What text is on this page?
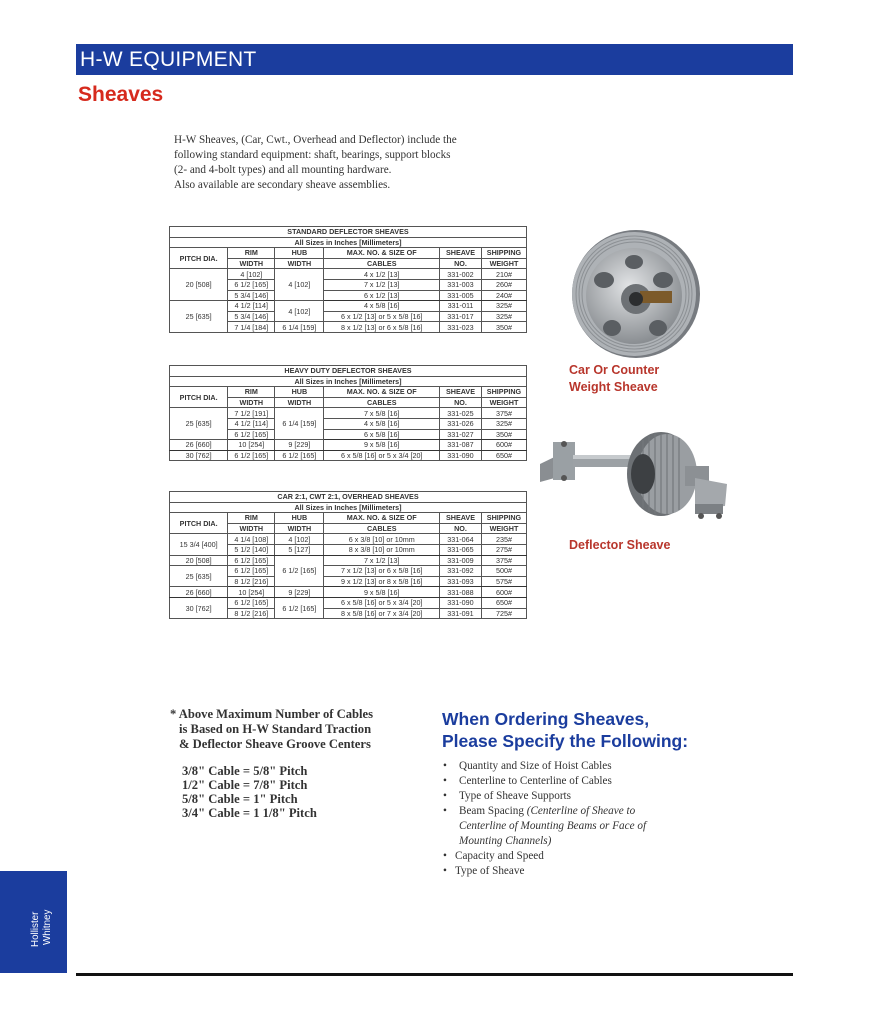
H-W EQUIPMENT
Sheaves
H-W Sheaves, (Car, Cwt., Overhead and Deflector) include the
following standard equipment: shaft, bearings, support blocks
(2- and 4-bolt types) and all mounting hardware.
Also available are secondary sheave assemblies.
STANDARD DEFLECTOR SHEAVES					
All Sizes in Inches [Millimeters]					
PITCH DIA.	RIM	HUB	MAX. NO. & SIZE OF	SHEAVE	SHIPPING
	WIDTH	WIDTH	CABLES	NO.	WEIGHT
20 [508]	4 [102]	4 [102]	4 x 1/2 [13]	331-002	210#
	6 1/2 [165]		7 x 1/2 [13]	331-003	260#
	5 3/4 [146]		6 x 1/2 [13]	331-005	240#
25 [635]	4 1/2 [114]	4 [102]	4 x 5/8 [16]	331-011	325#
	5 3/4 [146]		6 x 1/2 [13] or 5 x 5/8 [16]	331-017	325#
	7 1/4 [184]	6 1/4 [159]	8 x 1/2 [13] or 6 x 5/8 [16]	331-023	350#
HEAVY DUTY DEFLECTOR SHEAVES					
All Sizes in Inches [Millimeters]					
PITCH DIA.	RIM	HUB	MAX. NO. & SIZE OF	SHEAVE	SHIPPING
	WIDTH	WIDTH	CABLES	NO.	WEIGHT
25 [635]	7 1/2 [191]	6 1/4 [159]	7 x 5/8 [16]	331-025	375#
	4 1/2 [114]		4 x 5/8 [16]	331-026	325#
	6 1/2 [165]		6 x 5/8 [16]	331-027	350#
26 [660]	10 [254]	9 [229]	9 x 5/8 [16]	331-087	600#
30 [762]	6 1/2 [165]	6 1/2 [165]	6 x 5/8 [16] or 5 x 3/4 [20]	331-090	650#
CAR 2:1, CWT 2:1, OVERHEAD SHEAVES					
All Sizes in Inches [Millimeters]					
PITCH DIA.	RIM	HUB	MAX. NO. & SIZE OF	SHEAVE	SHIPPING
	WIDTH	WIDTH	CABLES	NO.	WEIGHT
15 3/4 [400]	4 1/4 [108]	4 [102]	6 x 3/8 [10] or 10mm	331-064	235#
	5 1/2 [140]	5 [127]	8 x 3/8 [10] or 10mm	331-065	275#
20 [508]	6 1/2 [165]	6 1/2 [165]	7 x 1/2 [13]	331-009	375#
25 [635]	6 1/2 [165]		7 x 1/2 [13] or 6 x 5/8 [16]	331-092	500#
	8 1/2 [216]		9 x 1/2 [13] or 8 x 5/8 [16]	331-093	575#
26 [660]	10 [254]	9 [229]	9 x 5/8 [16]	331-088	600#
30 [762]	6 1/2 [165]	6 1/2 [165]	6 x 5/8 [16] or 5 x 3/4 [20]	331-090	650#
	8 1/2 [216]		8 x 5/8 [16] or 7 x 3/4 [20]	331-091	725#
Car Or Counter
Weight Sheave
Deflector Sheave
* Above Maximum Number of Cables
is Based on H-W Standard Traction
& Deflector Sheave Groove Centers
3/8" Cable = 5/8" Pitch
1/2" Cable = 7/8" Pitch
5/8" Cable = 1" Pitch
3/4" Cable = 1 1/8" Pitch
When Ordering Sheaves,
Please Specify the Following:
• Quantity and Size of Hoist Cables
• Centerline to Centerline of Cables
• Type of Sheave Supports
• Beam Spacing (Centerline of Sheave to
Centerline of Mounting Beams or Face of
Mounting Channels)
• Capacity and Speed
• Type of Sheave
Hollister Whitney
